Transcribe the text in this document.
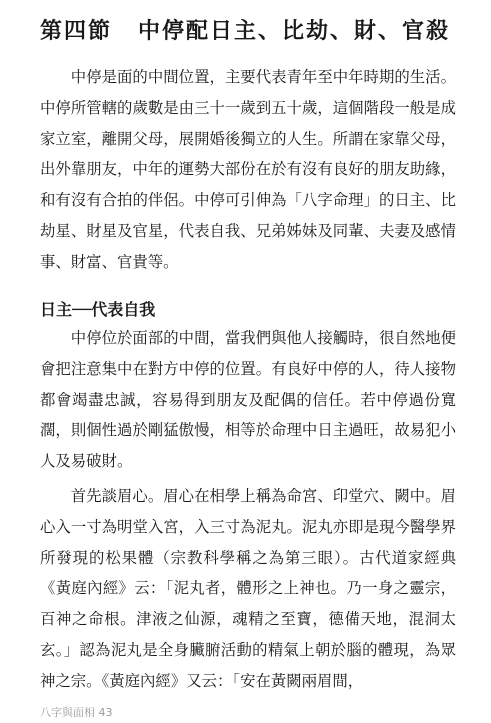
第四節 中停配日主、比劫、財、官殺

中停是面的中間位置，主要代表青年至中年時期的生活。中停所管轄的歲數是由三十一歲到五十歲，這個階段一般是成家立室，離開父母，展開婚後獨立的人生。所謂在家靠父母，出外靠朋友，中年的運勢大部份在於有沒有良好的朋友助緣，和有沒有合拍的伴侶。中停可引伸為「八字命理」的日主、比劫星、財星及官星，代表自我、兄弟姊妹及同輩、夫妻及感情事、財富、官貴等。

日主──代表自我

中停位於面部的中間，當我們與他人接觸時，很自然地便會把注意集中在對方中停的位置。有良好中停的人，待人接物都會竭盡忠誠，容易得到朋友及配偶的信任。若中停過份寬濶，則個性過於剛猛傲慢，相等於命理中日主過旺，故易犯小人及易破財。

首先談眉心。眉心在相學上稱為命宮、印堂穴、闕中。眉心入一寸為明堂入宮，入三寸為泥丸。泥丸亦即是現今醫學界所發現的松果體（宗教科學稱之為第三眼）。古代道家經典《黃庭內經》云：「泥丸者，體形之上神也。乃一身之靈宗，百神之命根。津液之仙源，魂精之至寶，德備天地，混洞太玄。」認為泥丸是全身臟腑活動的精氣上朝於腦的體現，為眾神之宗。《黃庭內經》又云：「安在黃闕兩眉間，

八字與面相 43
